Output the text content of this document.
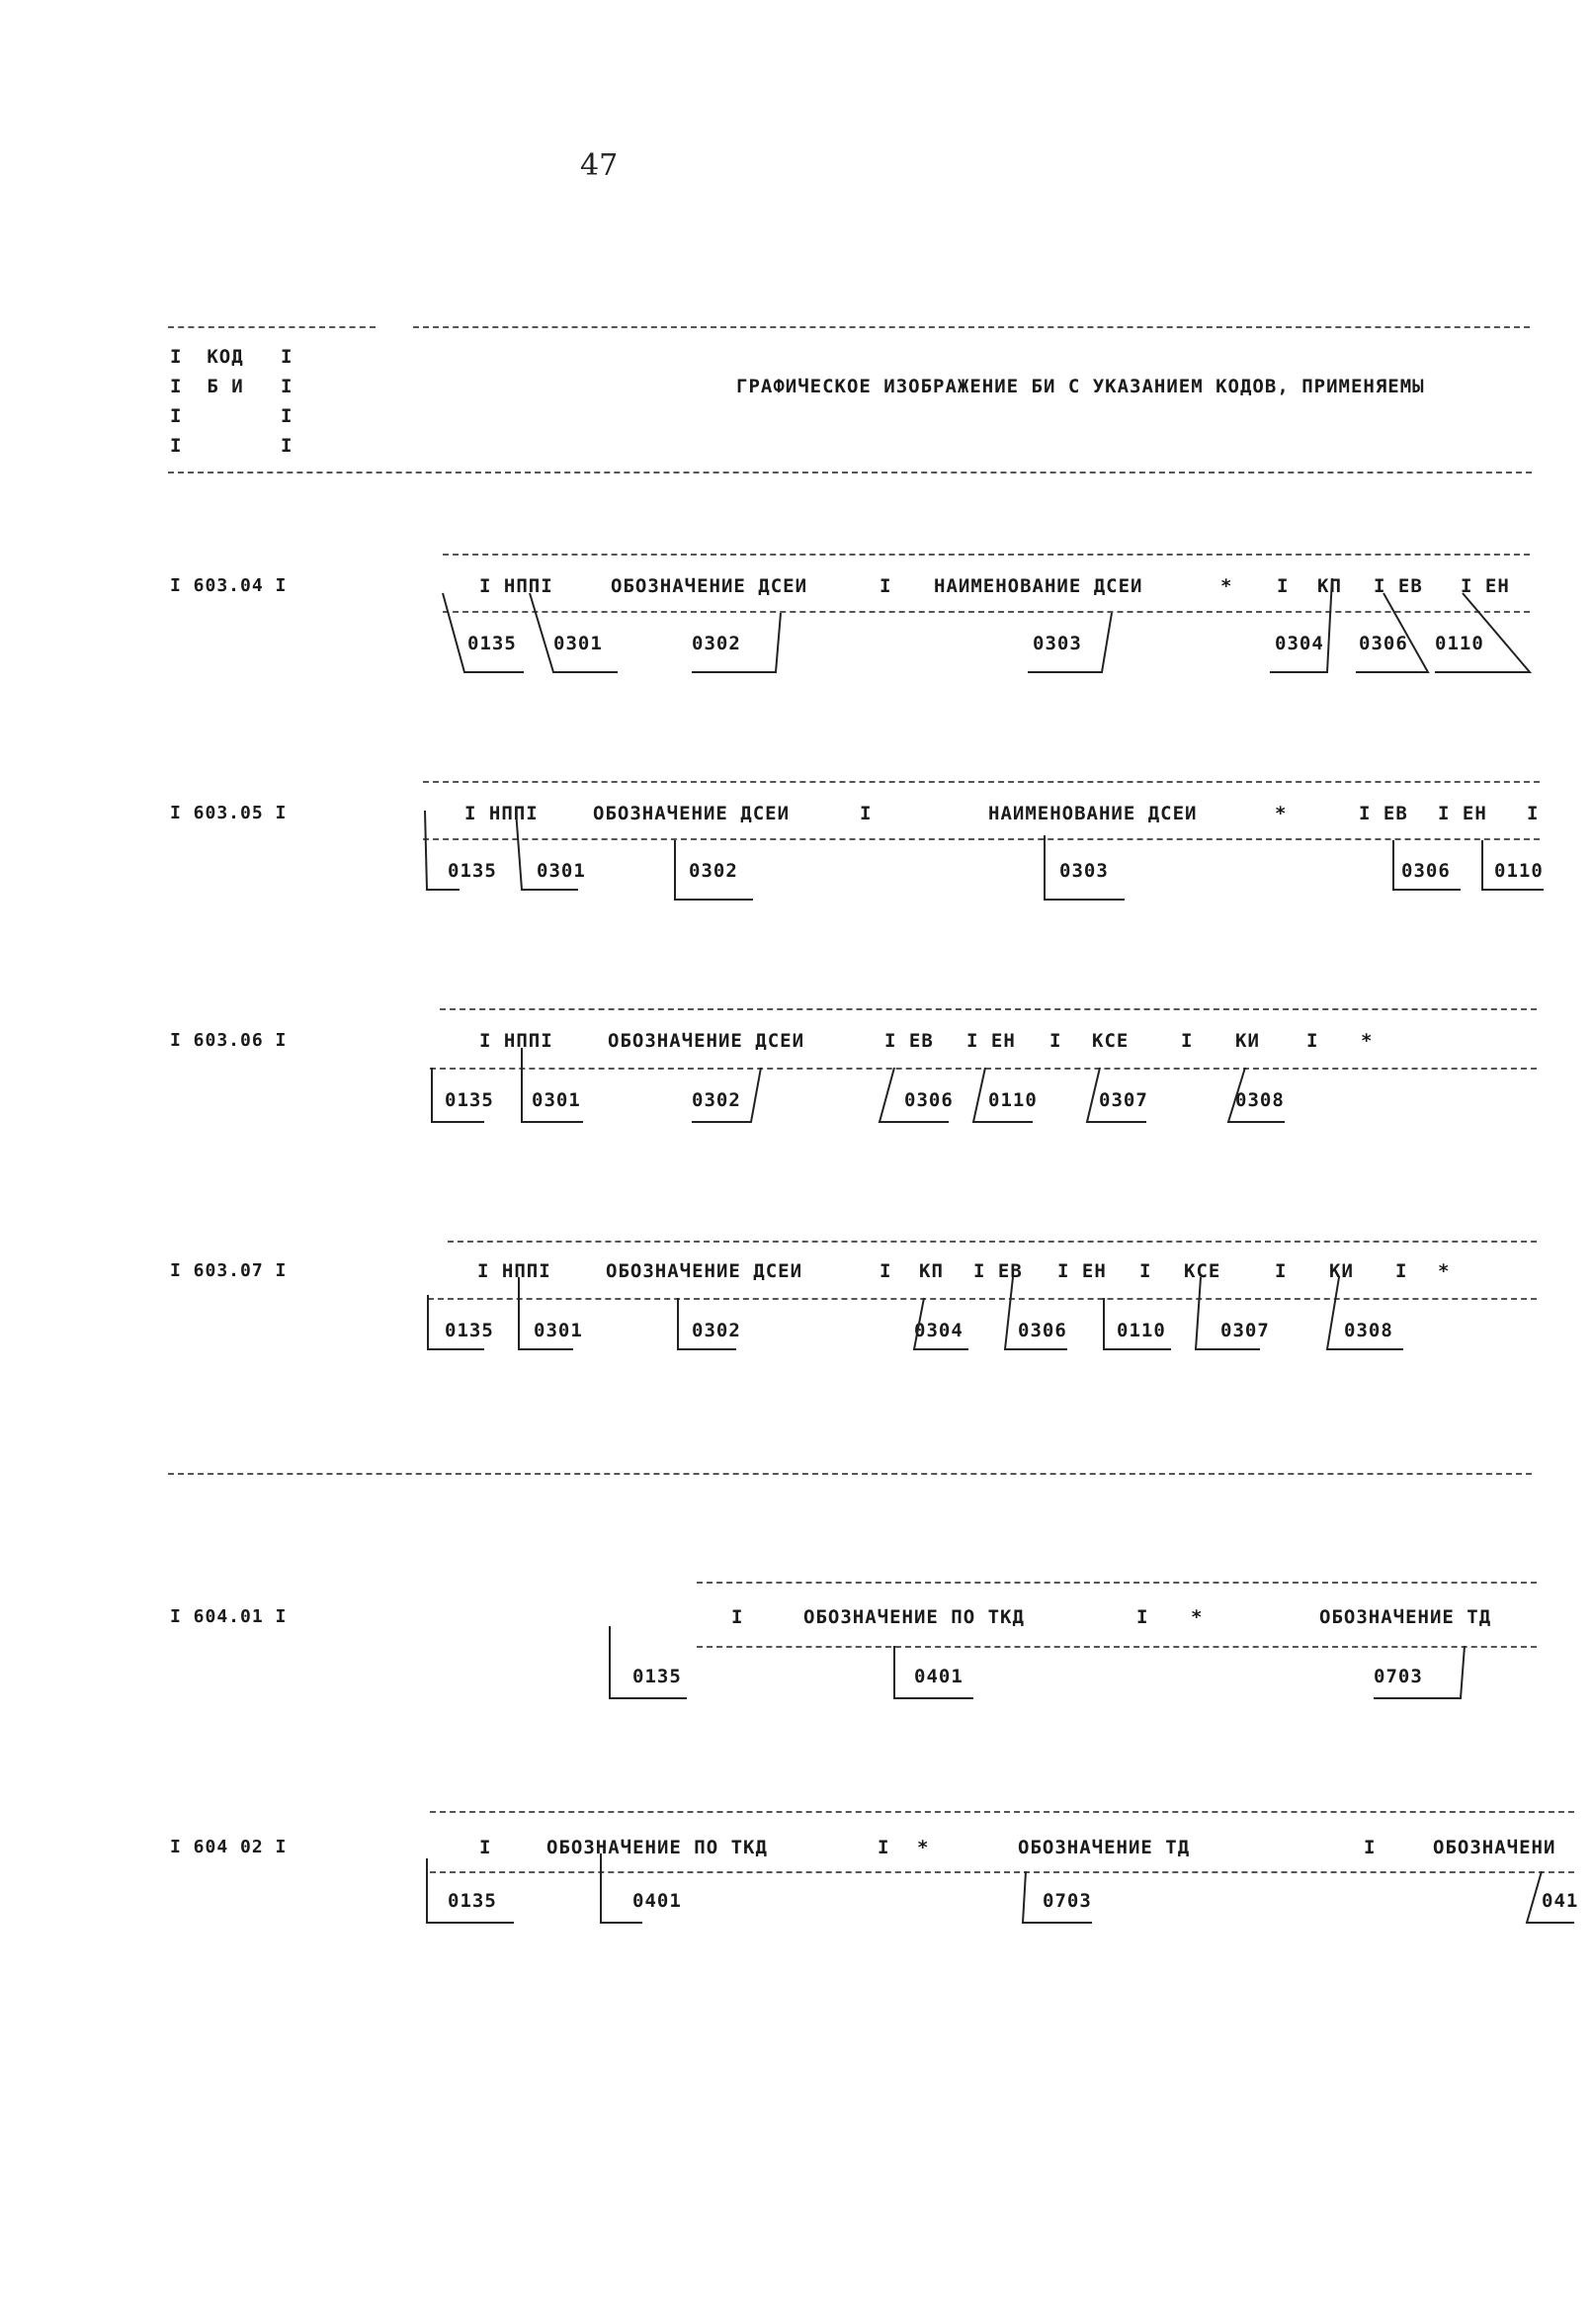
47
I  КОД   I
I  Б И   I
I        I
I        I
ГРАФИЧЕСКОЕ ИЗОБРАЖЕНИЕ БИ С УКАЗАНИЕМ КОДОВ, ПРИМЕНЯЕМЫ
I 603.04 I	I НППI	ОБОЗНАЧЕНИЕ ДСЕИ	I НАИМЕНОВАНИЕ ДСЕИ	* I КП I ЕВ I ЕН
0135 0301	0302	0303	0304 0306 0110
I 603.05 I	I НППI	ОБОЗНАЧЕНИЕ ДСЕИ	I	НАИМЕНОВАНИЕ ДСЕИ	*	I ЕВ I ЕН I
0135 0301	0302	0303	0306 0110
I 603.06 I	I НППI	ОБОЗНАЧЕНИЕ ДСЕИ	I ЕВ I ЕН I КСЕ	I КИ I *
0135 0301	0302	0306 0110	0307	0308
I 603.07 I	I НППI	ОБОЗНАЧЕНИЕ ДСЕИ	I КП I ЕВ I ЕН I КСЕ	I КИ I *
0135 0301	0302	0304	0306	0110	0307	0308
I 604.01 I	I	ОБОЗНАЧЕНИЕ ПО ТКД	I *	ОБОЗНАЧЕНИЕ ТД
0135	0401	0703
I 604 02 I	I	ОБОЗНАЧЕНИЕ ПО ТКД	I *	ОБОЗНАЧЕНИЕ ТД	I	ОБОЗНАЧЕНИ
0135	0401	0703	041
